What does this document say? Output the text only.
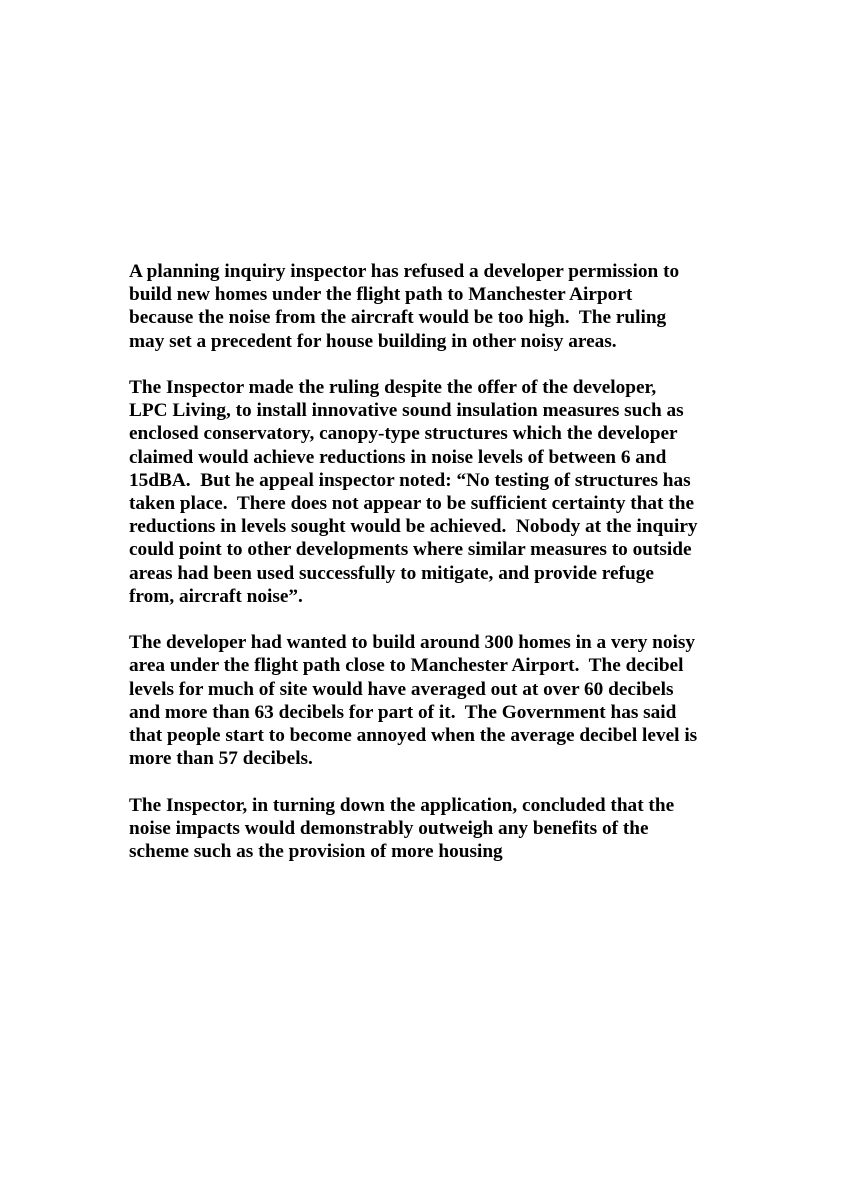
A planning inquiry inspector has refused a developer permission to
build new homes under the flight path to Manchester Airport
because the noise from the aircraft would be too high.  The ruling
may set a precedent for house building in other noisy areas.

The Inspector made the ruling despite the offer of the developer,
LPC Living, to install innovative sound insulation measures such as
enclosed conservatory, canopy-type structures which the developer
claimed would achieve reductions in noise levels of between 6 and
15dBA.  But he appeal inspector noted: “No testing of structures has
taken place.  There does not appear to be sufficient certainty that the
reductions in levels sought would be achieved.  Nobody at the inquiry
could point to other developments where similar measures to outside
areas had been used successfully to mitigate, and provide refuge
from, aircraft noise”.

The developer had wanted to build around 300 homes in a very noisy
area under the flight path close to Manchester Airport.  The decibel
levels for much of site would have averaged out at over 60 decibels
and more than 63 decibels for part of it.  The Government has said
that people start to become annoyed when the average decibel level is
more than 57 decibels.

The Inspector, in turning down the application, concluded that the
noise impacts would demonstrably outweigh any benefits of the
scheme such as the provision of more housing
